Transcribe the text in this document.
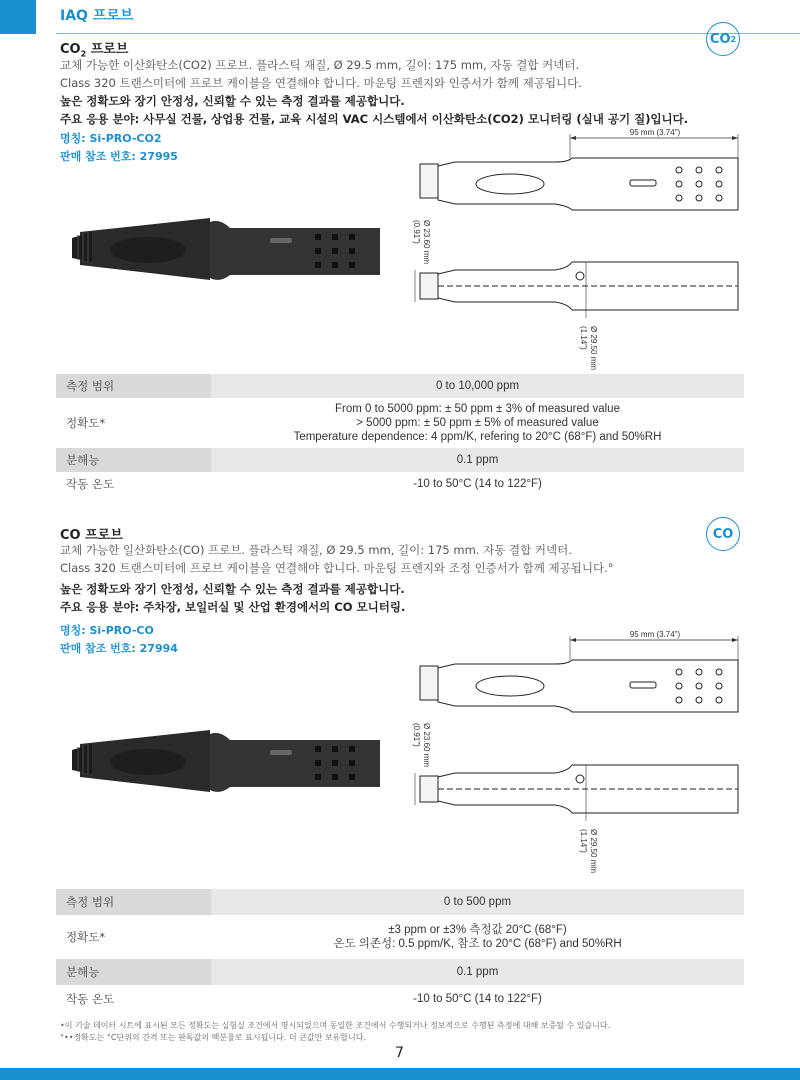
IAQ 프로브
CO 2
$CO_2$ 프로브
교체 가능한 이산화탄소(CO2) 프로브. 플라스틱 재질, Ø 29.5 mm, 길이: 175 mm, 자동 결합 커넥터.
Class 320 트랜스미터에 프로브 케이블을 연결해야 합니다. 마운팅 프렌지와 인증서가 함께 제공됩니다.
높은 정확도와 장기 안정성, 신뢰할 수 있는 측정 결과를 제공합니다.
주요 응용 분야: 사무실 건물, 상업용 건물, 교육 시설의 VAC 시스템에서 이산화탄소(CO2) 모니터링 (실내 공기 질)입니다.
명칭: Si-PRO-CO2
판매 참조 번호: 27995
95 mm (3.74")
Ø 23.60 mm
(0.91")
Ø 29.50 mm
(1.14")
측정 범위	0 to 10,000 ppm
정확도*	From 0 to 5000 ppm: ± 50 ppm ± 3% of measured value
> 5000 ppm: ± 50 ppm ± 5% of measured value
Temperature dependence: 4 ppm/K, refering to 20°C (68°F) and 50%RH

분해능	0.1 ppm
작동 온도	-10 to 50°C (14 to 122°F)
CO
CO 프로브
교체 가능한 일산화탄소(CO) 프로브. 플라스틱 재질, Ø 29.5 mm, 길이: 175 mm. 자동 결합 커넥터.
Class 320 트랜스미터에 프로브 케이블을 연결해야 합니다. 마운팅 프렌지와 조정 인증서가 함께 제공됩니다.°
높은 정확도와 장기 안정성, 신뢰할 수 있는 측정 결과를 제공합니다.
주요 응용 분야: 주차장, 보일러실 및 산업 환경에서의 CO 모니터링.
명칭: Si-PRO-CO
판매 참조 번호: 27994
95 mm (3.74")
Ø 23.60 mm
(0.91")
Ø 29.50 mm
(1.14")
측정 범위	0 to 500 ppm
정확도*	±3 ppm or ±3% 측정값 20°C (68°F)
온도 의존성: 0.5 ppm/K, 참조 to 20°C (68°F) and 50%RH

분해능	0.1 ppm
작동 온도	-10 to 50°C (14 to 122°F)
•이 기술 데이터 시트에 표시된 모든 정확도는 실험실 조건에서 명시되었으며 동일한 조건에서 수행되거나 정보적으로 수행된 측정에 대해 보증될 수 있습니다.
°••정확도는 °C단위의 간격 또는 판독값의 백분율로 표시됩니다. 더 큰값만 보유합니다.
7
